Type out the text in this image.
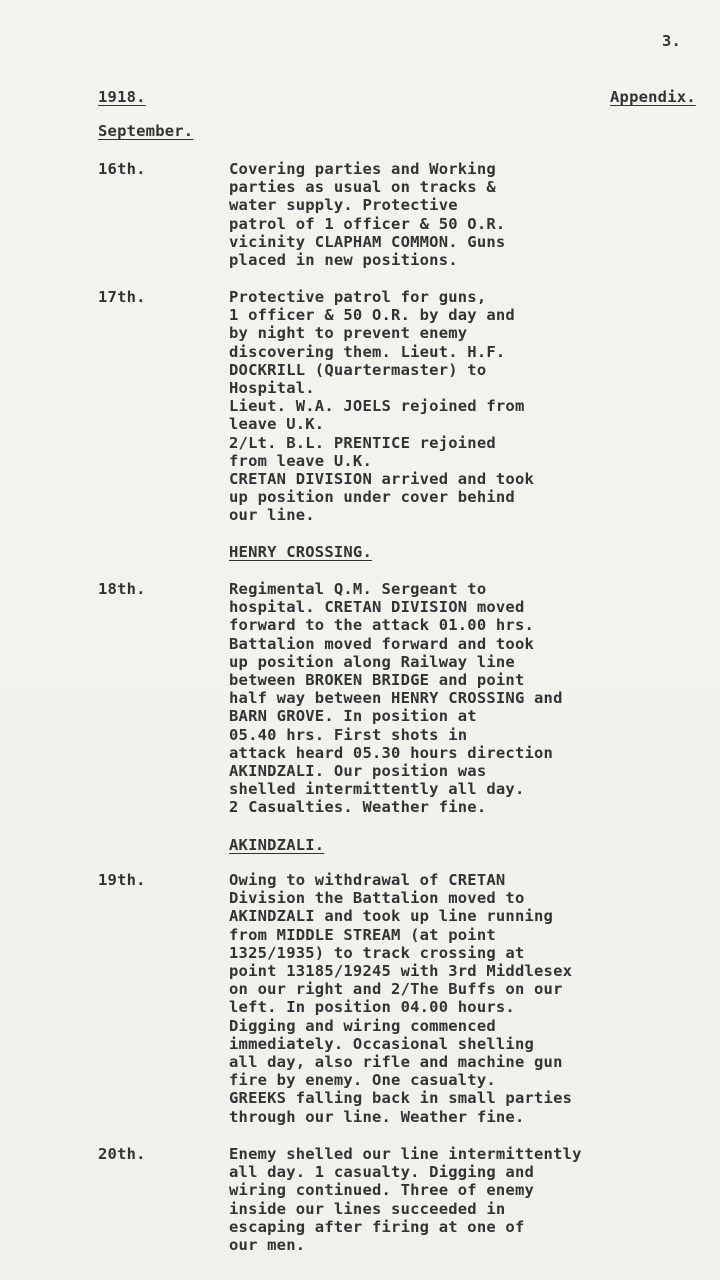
3.
1918.	Appendix.
September.
16th.	Covering parties and Working
parties as usual on tracks &
water supply. Protective
patrol of 1 officer & 50 O.R.
vicinity CLAPHAM COMMON. Guns
placed in new positions.
17th.	Protective patrol for guns,
1 officer & 50 O.R. by day and
by night to prevent enemy
discovering them. Lieut. H.F.
DOCKRILL (Quartermaster) to
Hospital.
Lieut. W.A. JOELS rejoined from
leave U.K.
2/Lt. B.L. PRENTICE rejoined
from leave U.K.
CRETAN DIVISION arrived and took
up position under cover behind
our line.
HENRY CROSSING.
18th.	Regimental Q.M. Sergeant to
hospital. CRETAN DIVISION moved
forward to the attack 01.00 hrs.
Battalion moved forward and took
up position along Railway line
between BROKEN BRIDGE and point
half way between HENRY CROSSING and
BARN GROVE. In position at
05.40 hrs. First shots in
attack heard 05.30 hours direction
AKINDZALI. Our position was
shelled intermittently all day.
2 Casualties. Weather fine.
AKINDZALI.
19th.	Owing to withdrawal of CRETAN
Division the Battalion moved to
AKINDZALI and took up line running
from MIDDLE STREAM (at point
1325/1935) to track crossing at
point 13185/19245 with 3rd Middlesex
on our right and 2/The Buffs on our
left. In position 04.00 hours.
Digging and wiring commenced
immediately. Occasional shelling
all day, also rifle and machine gun
fire by enemy. One casualty.
GREEKS falling back in small parties
through our line. Weather fine.
20th.	Enemy shelled our line intermittently
all day. 1 casualty. Digging and
wiring continued. Three of enemy
inside our lines succeeded in
escaping after firing at one of
our men.
